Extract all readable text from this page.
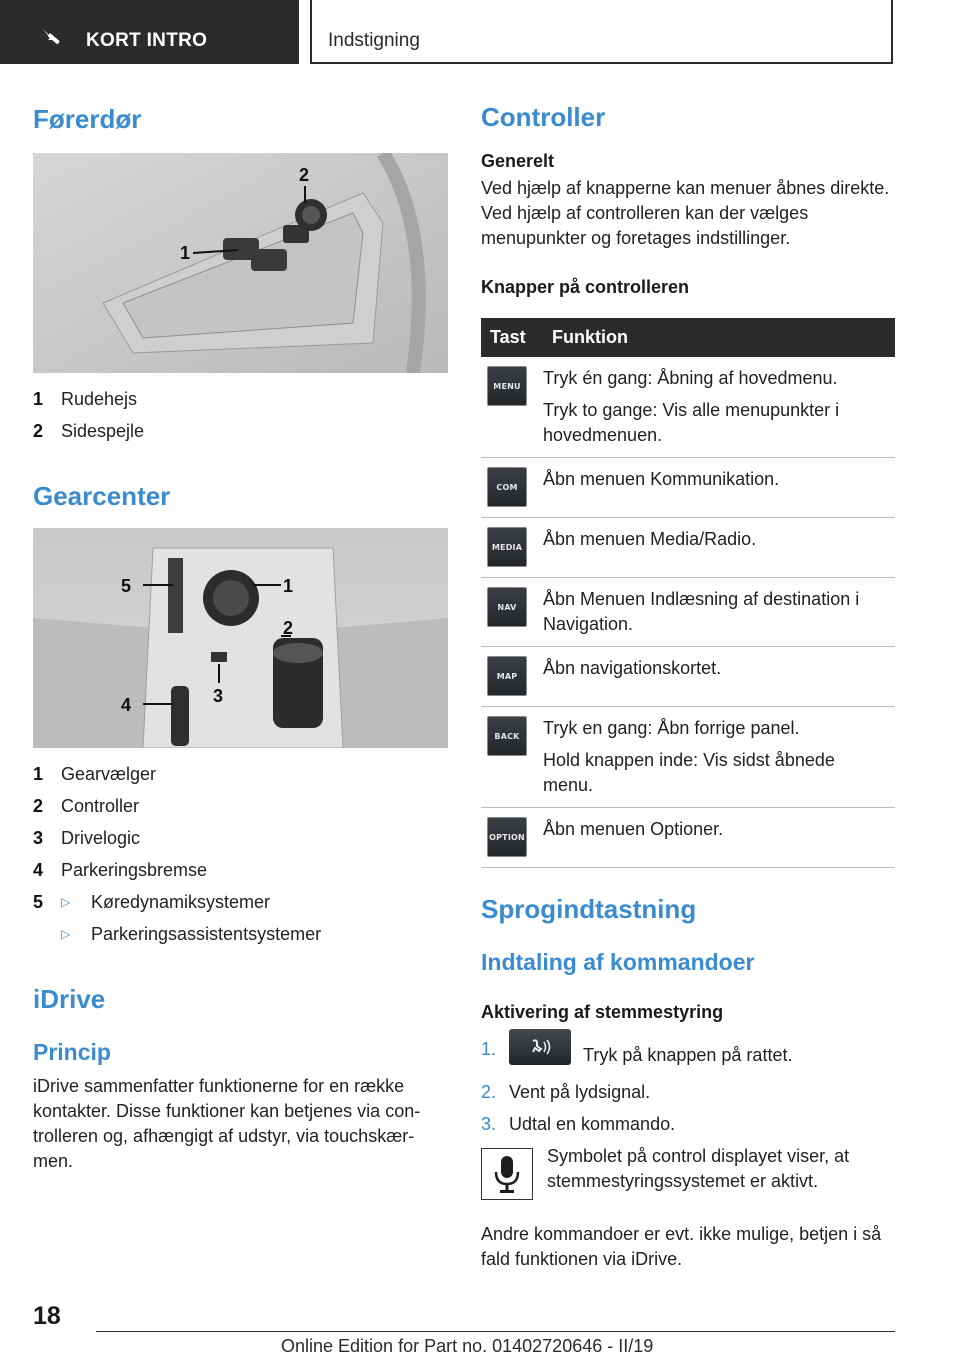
KORT INTRO	Indstigning
Førerdør
1
2
1 Rudehejs
2 Sidespejle
Gearcenter
5	1
2
3
4
1 Gearvælger
2 Controller
3 Drivelogic
4 Parkeringsbremse
5 ▷	Køredynamiksystemer
▷	Parkeringsassistentsystemer
iDrive
Princip

iDrive sammenfatter funktionerne for en række kontakter. Disse funktioner kan betjenes via controlleren og, afhængigt af udstyr, via touchskærmen.

Controller
Generelt

Ved hjælp af knapperne kan menuer åbnes direkte. Ved hjælp af controlleren kan der vælges menupunkter og foretages indstillinger.

Knapper på controlleren
Tast	Funktion

MENU	Tryk én gang: Åbning af hovedmenu.

Tryk to gange: Vis alle menupunkter i hovedmenuen.

COM	Åbn menuen Kommunikation.

MEDIA	Åbn menuen Media/Radio.

NAV	Åbn Menuen Indlæsning af destination i Navigation.

MAP	Åbn navigationskortet.

BACK	Tryk en gang: Åbn forrige panel.

Hold knappen inde: Vis sidst åbnede menu.

OPTION	Åbn menuen Optioner.

Sprogindtastning
Indtaling af kommandoer
Aktivering af stemmestyring
1.	Tryk på knappen på rattet.
2. Vent på lydsignal.
3. Udtal en kommando.

Symbolet på control displayet viser, at stemmestyringssystemet er aktivt.

Andre kommandoer er evt. ikke mulige, betjen i så fald funktionen via iDrive.

18
Online Edition for Part no. 01402720646 - II/19
